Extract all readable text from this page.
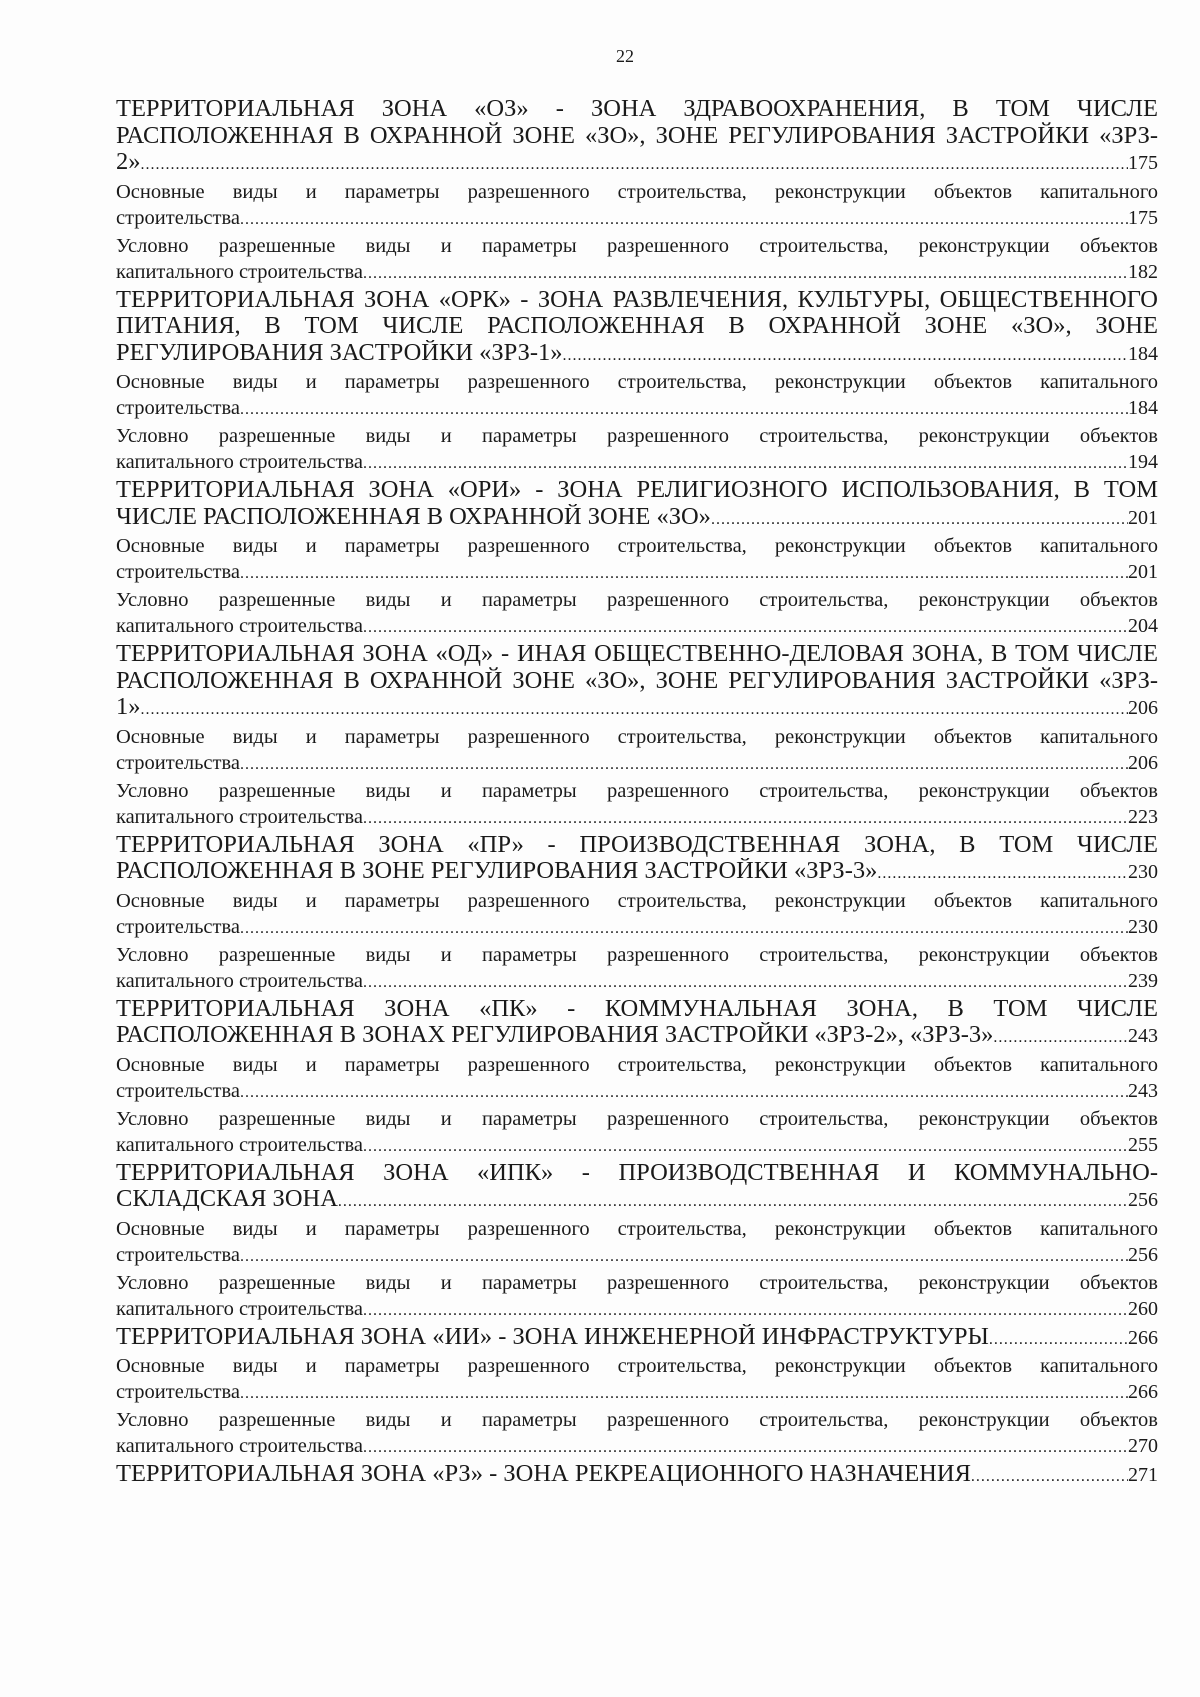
22
ТЕРРИТОРИАЛЬНАЯ ЗОНА «ОЗ» - ЗОНА ЗДРАВООХРАНЕНИЯ, В ТОМ ЧИСЛЕ
РАСПОЛОЖЕННАЯ В ОХРАННОЙ ЗОНЕ «ЗО», ЗОНЕ РЕГУЛИРОВАНИЯ ЗАСТРОЙКИ «ЗРЗ-
2» .....	175
Основные виды и параметры разрешенного строительства, реконструкции объектов капитального
строительства .....	175
Условно разрешенные виды и параметры разрешенного строительства, реконструкции объектов
капитального строительства .....	182
ТЕРРИТОРИАЛЬНАЯ ЗОНА «ОРК» - ЗОНА РАЗВЛЕЧЕНИЯ, КУЛЬТУРЫ, ОБЩЕСТВЕННОГО
ПИТАНИЯ, В ТОМ ЧИСЛЕ РАСПОЛОЖЕННАЯ В ОХРАННОЙ ЗОНЕ «ЗО», ЗОНЕ
РЕГУЛИРОВАНИЯ ЗАСТРОЙКИ «ЗРЗ-1» .....	184
Основные виды и параметры разрешенного строительства, реконструкции объектов капитального
строительства .....	184
Условно разрешенные виды и параметры разрешенного строительства, реконструкции объектов
капитального строительства .....	194
ТЕРРИТОРИАЛЬНАЯ ЗОНА «ОРИ» - ЗОНА РЕЛИГИОЗНОГО ИСПОЛЬЗОВАНИЯ, В ТОМ
ЧИСЛЕ РАСПОЛОЖЕННАЯ В ОХРАННОЙ ЗОНЕ «ЗО» .....	201
Основные виды и параметры разрешенного строительства, реконструкции объектов капитального
строительства .....	201
Условно разрешенные виды и параметры разрешенного строительства, реконструкции объектов
капитального строительства .....	204
ТЕРРИТОРИАЛЬНАЯ ЗОНА «ОД» - ИНАЯ ОБЩЕСТВЕННО-ДЕЛОВАЯ ЗОНА, В ТОМ ЧИСЛЕ
РАСПОЛОЖЕННАЯ В ОХРАННОЙ ЗОНЕ «ЗО», ЗОНЕ РЕГУЛИРОВАНИЯ ЗАСТРОЙКИ «ЗРЗ-
1» .....	206
Основные виды и параметры разрешенного строительства, реконструкции объектов капитального
строительства .....	206
Условно разрешенные виды и параметры разрешенного строительства, реконструкции объектов
капитального строительства .....	223
ТЕРРИТОРИАЛЬНАЯ ЗОНА «ПР» - ПРОИЗВОДСТВЕННАЯ ЗОНА, В ТОМ ЧИСЛЕ
РАСПОЛОЖЕННАЯ В ЗОНЕ РЕГУЛИРОВАНИЯ ЗАСТРОЙКИ «ЗРЗ-3» .....	230
Основные виды и параметры разрешенного строительства, реконструкции объектов капитального
строительства .....	230
Условно разрешенные виды и параметры разрешенного строительства, реконструкции объектов
капитального строительства .....	239
ТЕРРИТОРИАЛЬНАЯ ЗОНА «ПК» - КОММУНАЛЬНАЯ ЗОНА, В ТОМ ЧИСЛЕ
РАСПОЛОЖЕННАЯ В ЗОНАХ РЕГУЛИРОВАНИЯ ЗАСТРОЙКИ «ЗРЗ-2», «ЗРЗ-3» .....	243
Основные виды и параметры разрешенного строительства, реконструкции объектов капитального
строительства .....	243
Условно разрешенные виды и параметры разрешенного строительства, реконструкции объектов
капитального строительства .....	255
ТЕРРИТОРИАЛЬНАЯ ЗОНА «ИПК» - ПРОИЗВОДСТВЕННАЯ И КОММУНАЛЬНО-
СКЛАДСКАЯ ЗОНА .....	256
Основные виды и параметры разрешенного строительства, реконструкции объектов капитального
строительства .....	256
Условно разрешенные виды и параметры разрешенного строительства, реконструкции объектов
капитального строительства .....	260
ТЕРРИТОРИАЛЬНАЯ ЗОНА «ИИ» - ЗОНА ИНЖЕНЕРНОЙ ИНФРАСТРУКТУРЫ .....	266
Основные виды и параметры разрешенного строительства, реконструкции объектов капитального
строительства .....	266
Условно разрешенные виды и параметры разрешенного строительства, реконструкции объектов
капитального строительства .....	270
ТЕРРИТОРИАЛЬНАЯ ЗОНА «РЗ» - ЗОНА РЕКРЕАЦИОННОГО НАЗНАЧЕНИЯ .....	271
